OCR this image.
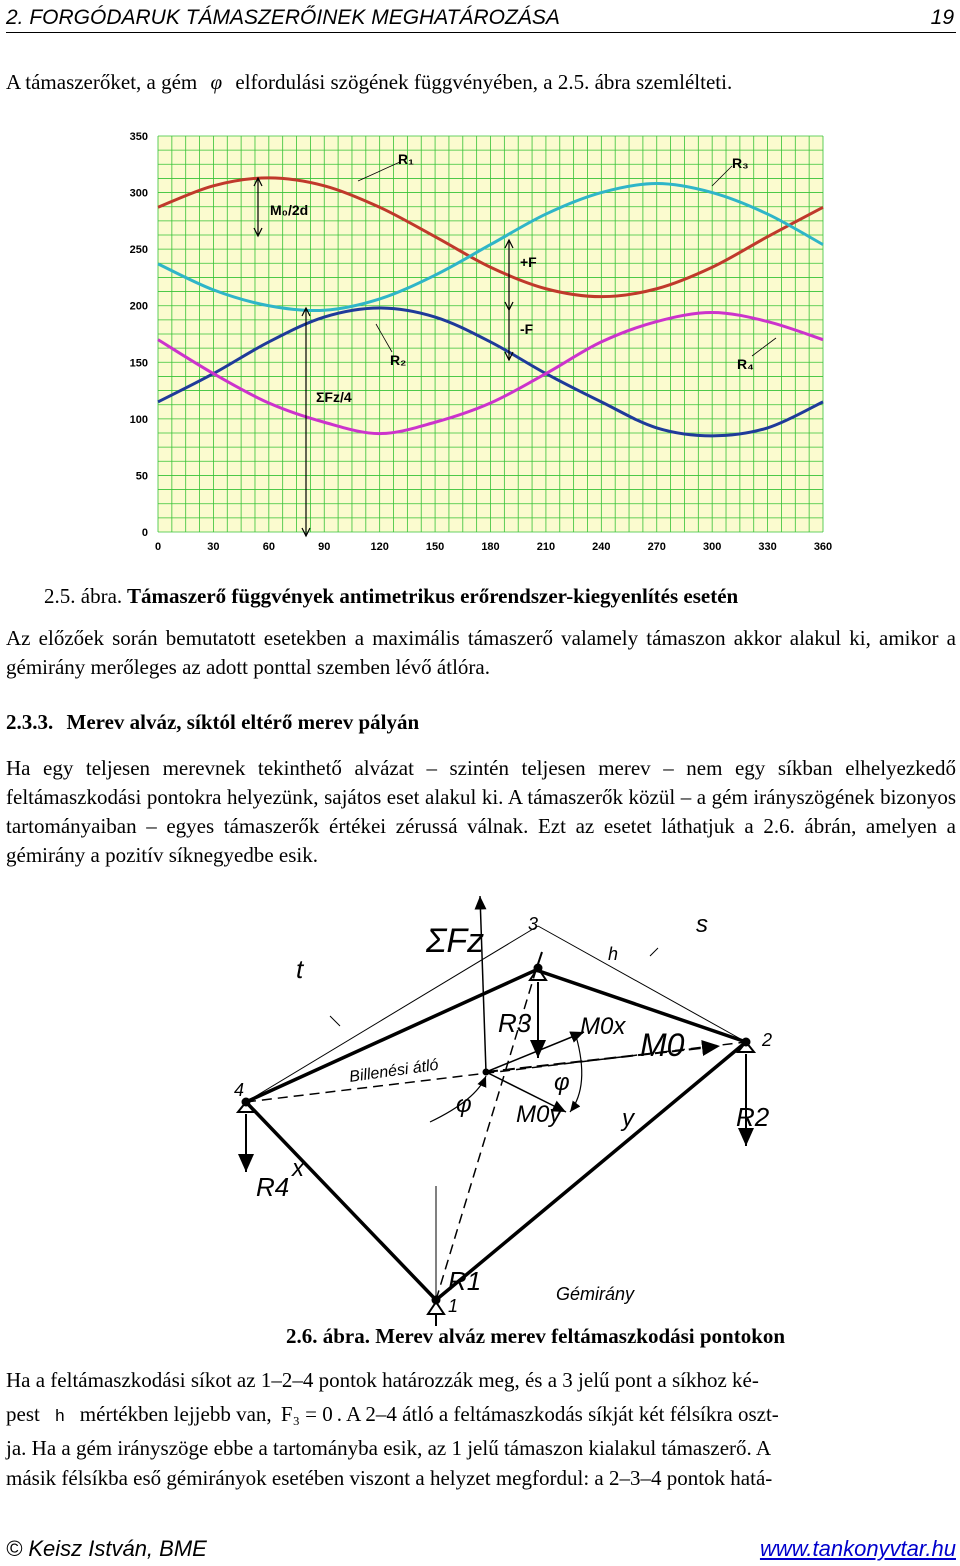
2. FORGÓDARUK TÁMASZERŐINEK MEGHATÁROZÁSA	19
A támaszerőket, a gém φ elfordulási szögének függvényében, a 2.5. ábra szemlélteti.
0	30	60	90	120	150	180	210	240	270	300	330	360
0
50
100
150
200
250
300
350
R₁	R₃
R₂	R₄
M₀/2d
+F
-F
ΣFz/4
2.5. ábra. Támaszerő függvények antimetrikus erőrendszer-kiegyenlítés esetén
Az előzőek során bemutatott esetekben a maximális támaszerő valamely támaszon akkor alakul ki, amikor a gémirány merőleges az adott ponttal szemben lévő átlóra.
2.3.3. Merev alváz, síktól eltérő merev pályán
Ha egy teljesen merevnek tekinthető alvázat – szintén teljesen merev – nem egy síkban elhelyezkedő feltámaszkodási pontokra helyezünk, sajátos eset alakul ki. A támaszerők közül – a gém irányszögének bizonyos tartományaiban – egyes támaszerők értékei zérussá válnak. Ezt az esetet láthatjuk a 2.6. ábrán, amelyen a gémirány a pozitív síknegyedbe esik.
ΣFz
t
s
h
3
2
4
1
R3
R2
R4
R1
M0
M0x
M0y
φ
φ
x
y
Billenési átló
Gémirány
2.6. ábra. Merev alváz merev feltámaszkodási pontokon
Ha a feltámaszkodási síkot az 1–2–4 pontok határozzák meg, és a 3 jelű pont a síkhoz ké-
pest h mértékben lejjebb van, F₃ = 0 . A 2–4 átló a feltámaszkodás síkját két félsíkra oszt-
ja. Ha a gém irányszöge ebbe a tartományba esik, az 1 jelű támaszon kialakul támaszerő. A
másik félsíkba eső gémirányok esetében viszont a helyzet megfordul: a 2–3–4 pontok hatá-
© Keisz István, BME	www.tankonyvtar.hu
